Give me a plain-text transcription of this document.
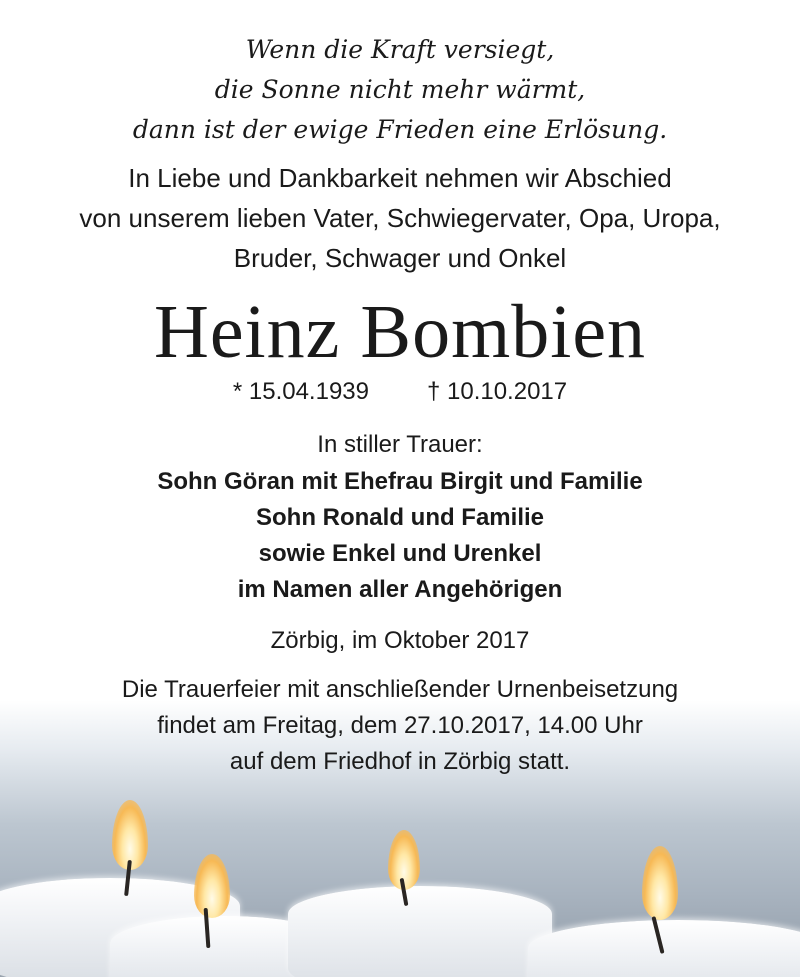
Wenn die Kraft versiegt,
die Sonne nicht mehr wärmt,
dann ist der ewige Frieden eine Erlösung.
In Liebe und Dankbarkeit nehmen wir Abschied
von unserem lieben Vater, Schwiegervater, Opa, Uropa,
Bruder, Schwager und Onkel
Heinz Bombien
* 15.04.1939 † 10.10.2017
In stiller Trauer:
Sohn Göran mit Ehefrau Birgit und Familie
Sohn Ronald und Familie
sowie Enkel und Urenkel
im Namen aller Angehörigen
Zörbig, im Oktober 2017
Die Trauerfeier mit anschließender Urnenbeisetzung
findet am Freitag, dem 27.10.2017, 14.00 Uhr
auf dem Friedhof in Zörbig statt.
